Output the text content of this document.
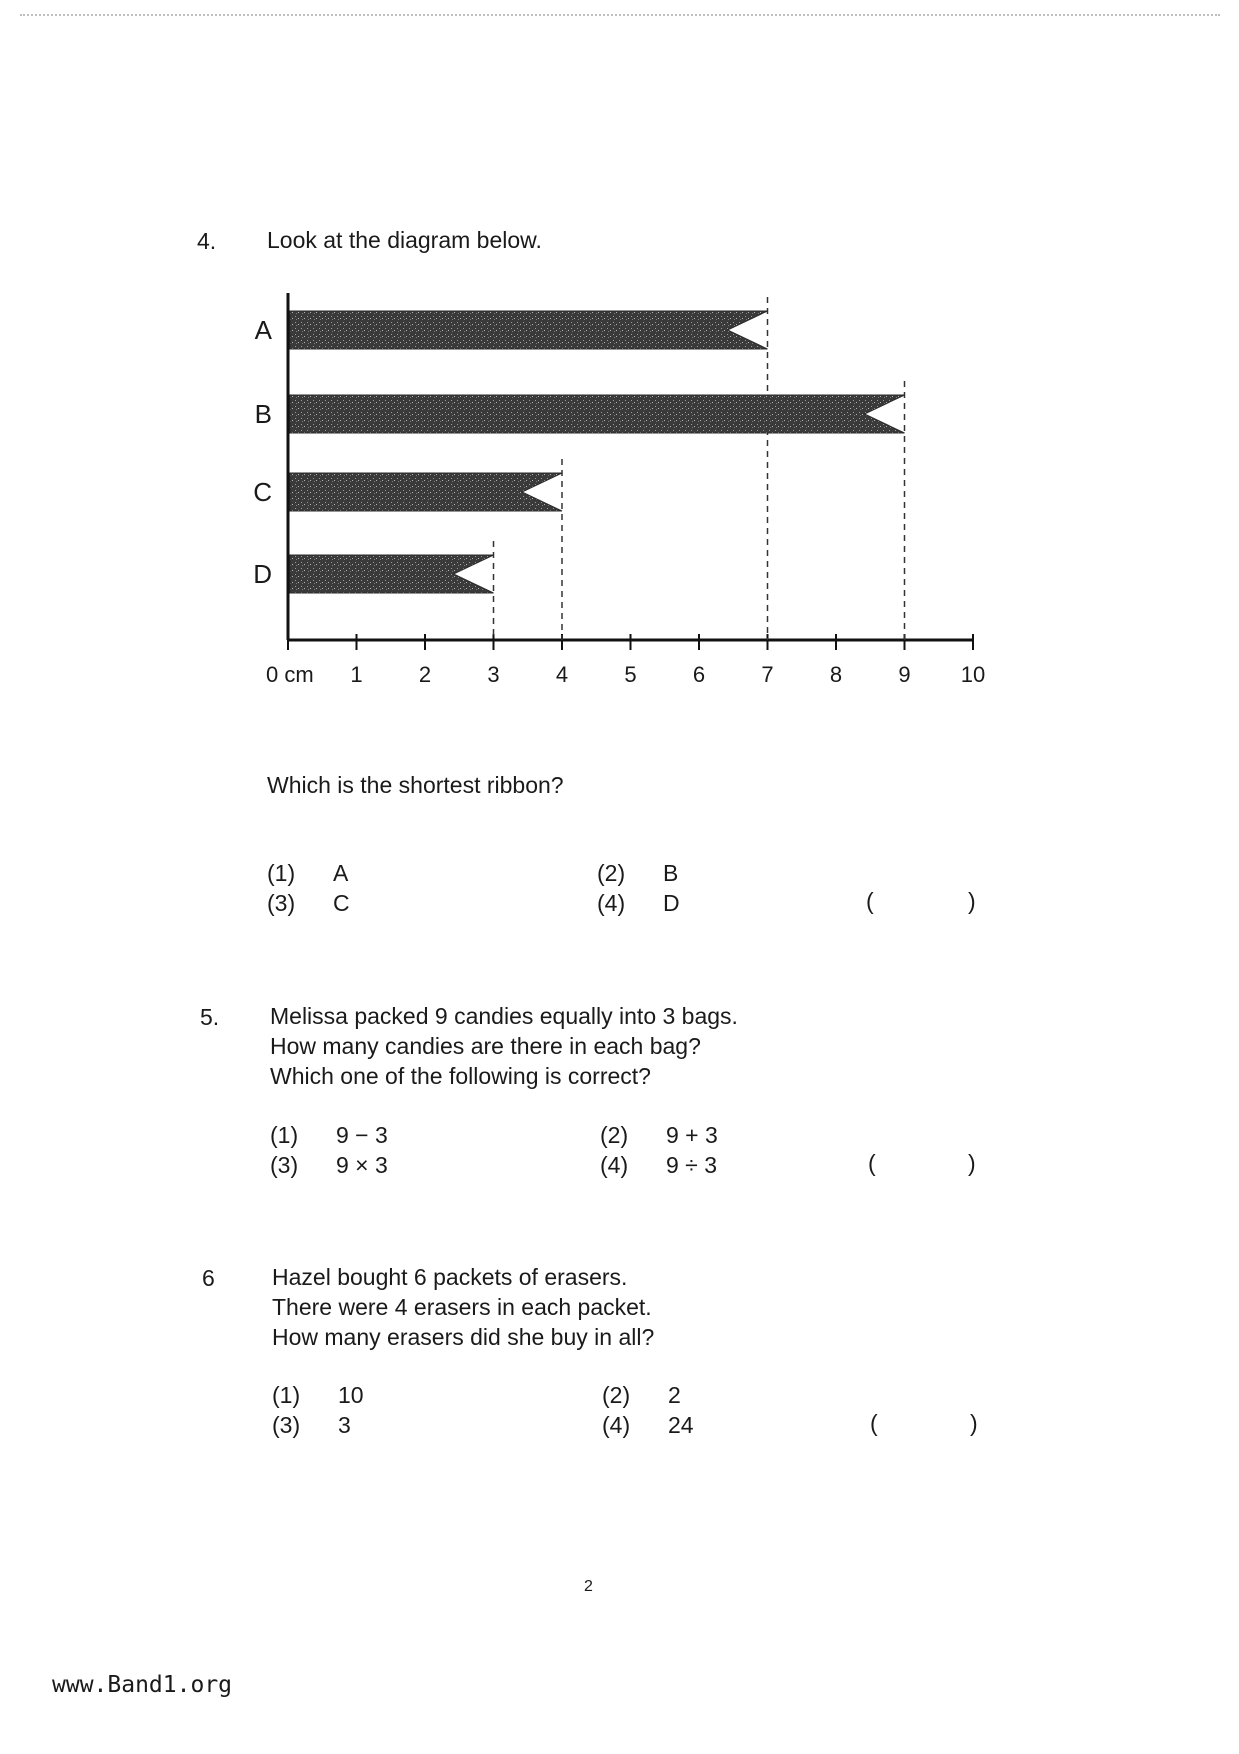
4. Look at the diagram below.
0 cm 1	2	3	4	5	6	7	8	9 10
A
B
C
D
Which is the shortest ribbon?
(1) A	(2) B
(3) C	(4) D	(	)
5. Melissa packed 9 candies equally into 3 bags.
How many candies are there in each bag?
Which one of the following is correct?
(1) 9 − 3	(2) 9 + 3
(3) 9 × 3	(4) 9 ÷ 3	(	)
6 Hazel bought 6 packets of erasers.
There were 4 erasers in each packet.
How many erasers did she buy in all?
(1) 10	(2) 2
(3) 3	(4) 24	(	)
2
www.Band1.org
